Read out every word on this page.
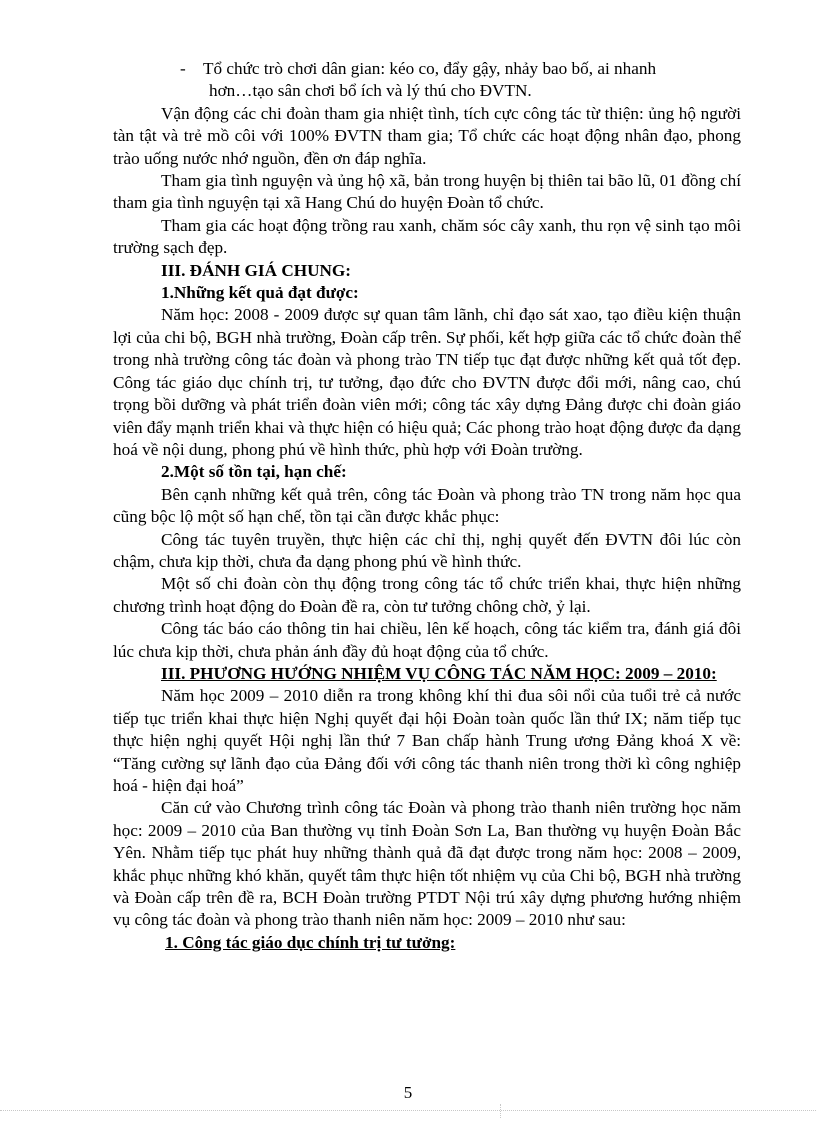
-	Tổ chức trò chơi dân gian: kéo co, đẩy gậy, nhảy bao bố, ai nhanh

hơn…tạo sân chơi bổ ích và lý thú cho ĐVTN.

Vận động các chi đoàn tham gia nhiệt tình, tích cực công tác từ thiện: ủng hộ người tàn tật và trẻ mồ côi với 100% ĐVTN tham gia; Tổ chức các hoạt động nhân đạo, phong trào uống nước nhớ nguồn, đền ơn đáp nghĩa.

Tham gia tình nguyện và ủng hộ xã, bản trong huyện bị thiên tai bão lũ, 01 đồng chí tham gia tình nguyện tại xã Hang Chú do huyện Đoàn tổ chức.

Tham gia các hoạt động trồng rau xanh, chăm sóc cây xanh, thu rọn vệ sinh tạo môi trường sạch đẹp.

III. ĐÁNH GIÁ CHUNG:

1.Những kết quả đạt được:

Năm học: 2008 - 2009 được sự quan tâm lãnh, chỉ đạo sát xao, tạo điều kiện thuận lợi của chi bộ, BGH nhà trường, Đoàn cấp trên. Sự phối, kết hợp giữa các tổ chức đoàn thể trong nhà trường công tác đoàn và phong trào TN tiếp tục đạt được những kết quả tốt đẹp. Công tác giáo dục chính trị, tư tưởng, đạo đức cho ĐVTN được đổi mới, nâng cao, chú trọng bồi dưỡng và phát triển đoàn viên mới; công tác xây dựng Đảng được chi đoàn giáo viên đẩy mạnh triển khai và thực hiện có hiệu quả; Các phong trào hoạt động được đa dạng hoá về nội dung, phong phú về hình thức, phù hợp với Đoàn trường.

2.Một số tồn tại, hạn chế:

Bên cạnh những kết quả trên, công tác Đoàn và phong trào TN trong năm học qua cũng bộc lộ một số hạn chế, tồn tại cần được khắc phục:

Công tác tuyên truyền, thực hiện các chỉ thị, nghị quyết đến ĐVTN đôi lúc còn chậm, chưa kịp thời, chưa đa dạng phong phú về hình thức.

Một số chi đoàn còn thụ động trong công tác tổ chức triển khai, thực hiện những chương trình hoạt động do Đoàn đề ra, còn tư tưởng chông chờ, ỷ lại.

Công tác báo cáo thông tin hai chiều, lên kế hoạch, công tác kiểm tra, đánh giá đôi lúc chưa kịp thời, chưa phản ánh đầy đủ hoạt động của tổ chức.

III. PHƯƠNG HƯỚNG NHIỆM VỤ CÔNG TÁC NĂM HỌC: 2009 – 2010:

Năm học 2009 – 2010 diễn ra trong không khí thi đua sôi nổi của tuổi trẻ cả nước tiếp tục triển khai thực hiện Nghị quyết đại hội Đoàn toàn quốc lần thứ IX; năm tiếp tục thực hiện nghị quyết Hội nghị lần thứ 7 Ban chấp hành Trung ương Đảng khoá X về: “Tăng cường sự lãnh đạo của Đảng đối với công tác thanh niên trong thời kì công nghiệp hoá - hiện đại hoá”

Căn cứ vào Chương trình công tác Đoàn và phong trào thanh niên trường học năm học: 2009 – 2010 của Ban thường vụ tỉnh Đoàn Sơn La, Ban thường vụ huyện Đoàn Bắc Yên. Nhằm tiếp tục phát huy những thành quả đã đạt được trong năm học: 2008 – 2009, khắc phục những khó khăn, quyết tâm thực hiện tốt nhiệm vụ của Chi bộ, BGH nhà trường và Đoàn cấp trên đề ra, BCH Đoàn trường PTDT Nội trú xây dựng phương hướng nhiệm vụ công tác đoàn và phong trào thanh niên năm học: 2009 – 2010 như sau:

1. Công tác giáo dục chính trị tư tưởng:

5
